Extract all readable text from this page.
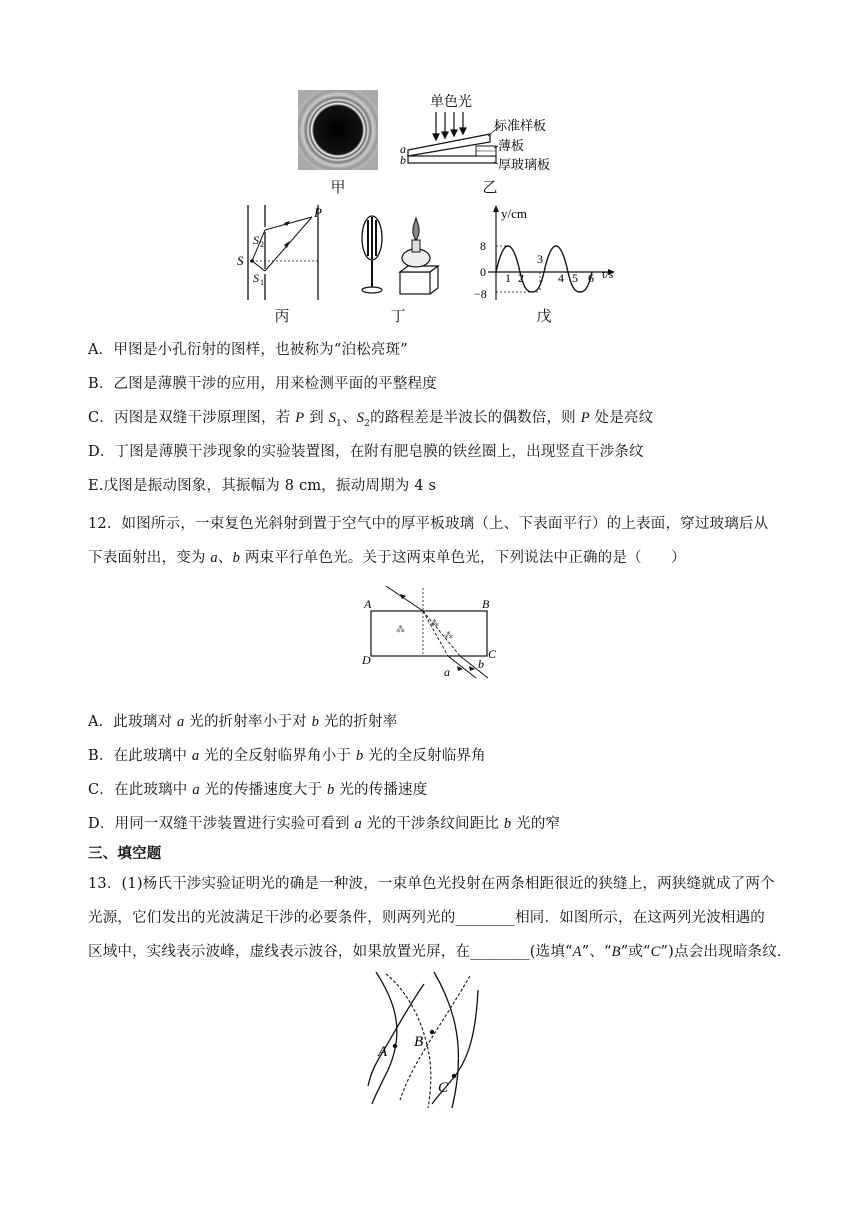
甲
单色光
a
b
标准样板
薄板
厚玻璃板
乙
P
S
S 2
S 1
丙	丁
y/cm
t/s
8
0
−8
1 2
3
4 5 6
戊
A．甲图是小孔衍射的图样，也被称为“泊松亮斑”
B．乙图是薄膜干涉的应用，用来检测平面的平整程度
C．丙图是双缝干涉原理图，若 P 到 $S_1$、$S_2$的路程差是半波长的偶数倍，则 P 处是亮纹
D．丁图是薄膜干涉现象的实验装置图，在附有肥皂膜的铁丝圈上，出现竖直干涉条纹
E.戊图是振动图象，其振幅为 8 cm，振动周期为 4 s
12．如图所示，一束复色光斜射到置于空气中的厚平板玻璃（上、下表面平行）的上表面，穿过玻璃后从
下表面射出，变为 a、b 两束平行单色光。关于这两束单色光，下列说法中正确的是（　　）
⁂
⁂
⁂
A	B
C
D
a
b
A．此玻璃对 a 光的折射率小于对 b 光的折射率
B．在此玻璃中 a 光的全反射临界角小于 b 光的全反射临界角
C．在此玻璃中 a 光的传播速度大于 b 光的传播速度
D．用同一双缝干涉装置进行实验可看到 a 光的干涉条纹间距比 b 光的窄
三、填空题
13．(1)杨氏干涉实验证明光的确是一种波，一束单色光投射在两条相距很近的狭缝上，两狭缝就成了两个
光源，它们发出的光波满足干涉的必要条件，则两列光的________相同．如图所示，在这两列光波相遇的
区域中，实线表示波峰，虚线表示波谷，如果放置光屏，在________(选填“A”、“B”或“C”)点会出现暗条纹.
A
B
C
